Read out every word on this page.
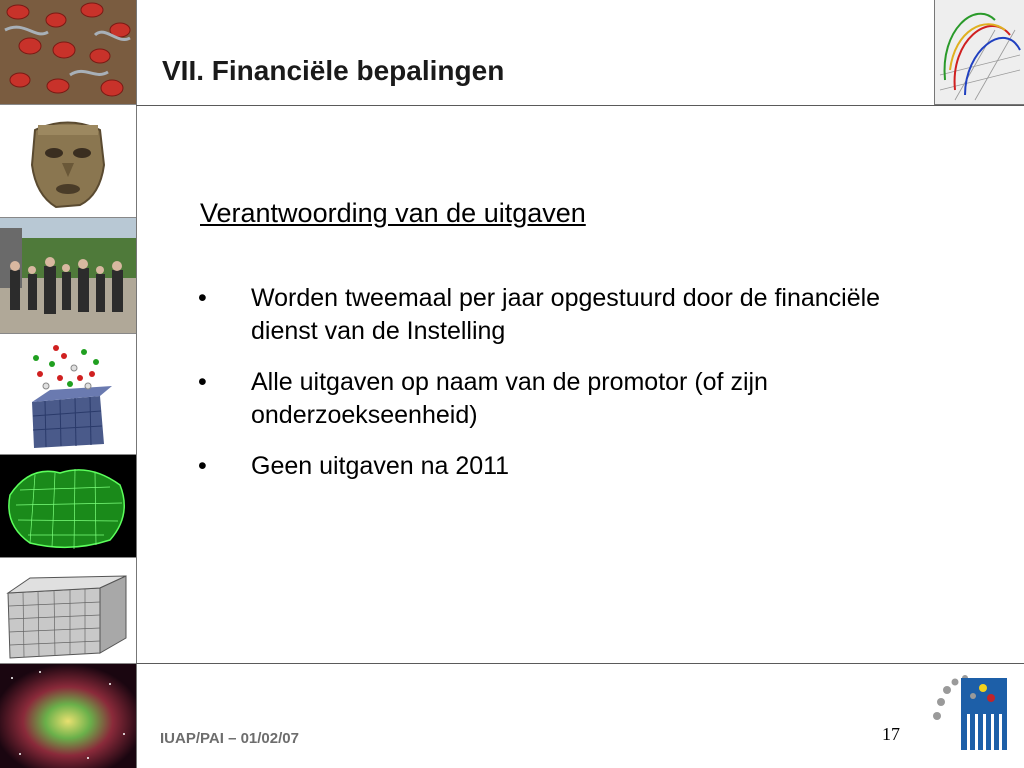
VII. Financiële bepalingen
Verantwoording van de uitgaven
• Worden tweemaal per jaar opgestuurd door de financiële dienst van de Instelling
• Alle uitgaven op naam van de promotor (of zijn onderzoekseenheid)
• Geen uitgaven na 2011
IUAP/PAI – 01/02/07	17
